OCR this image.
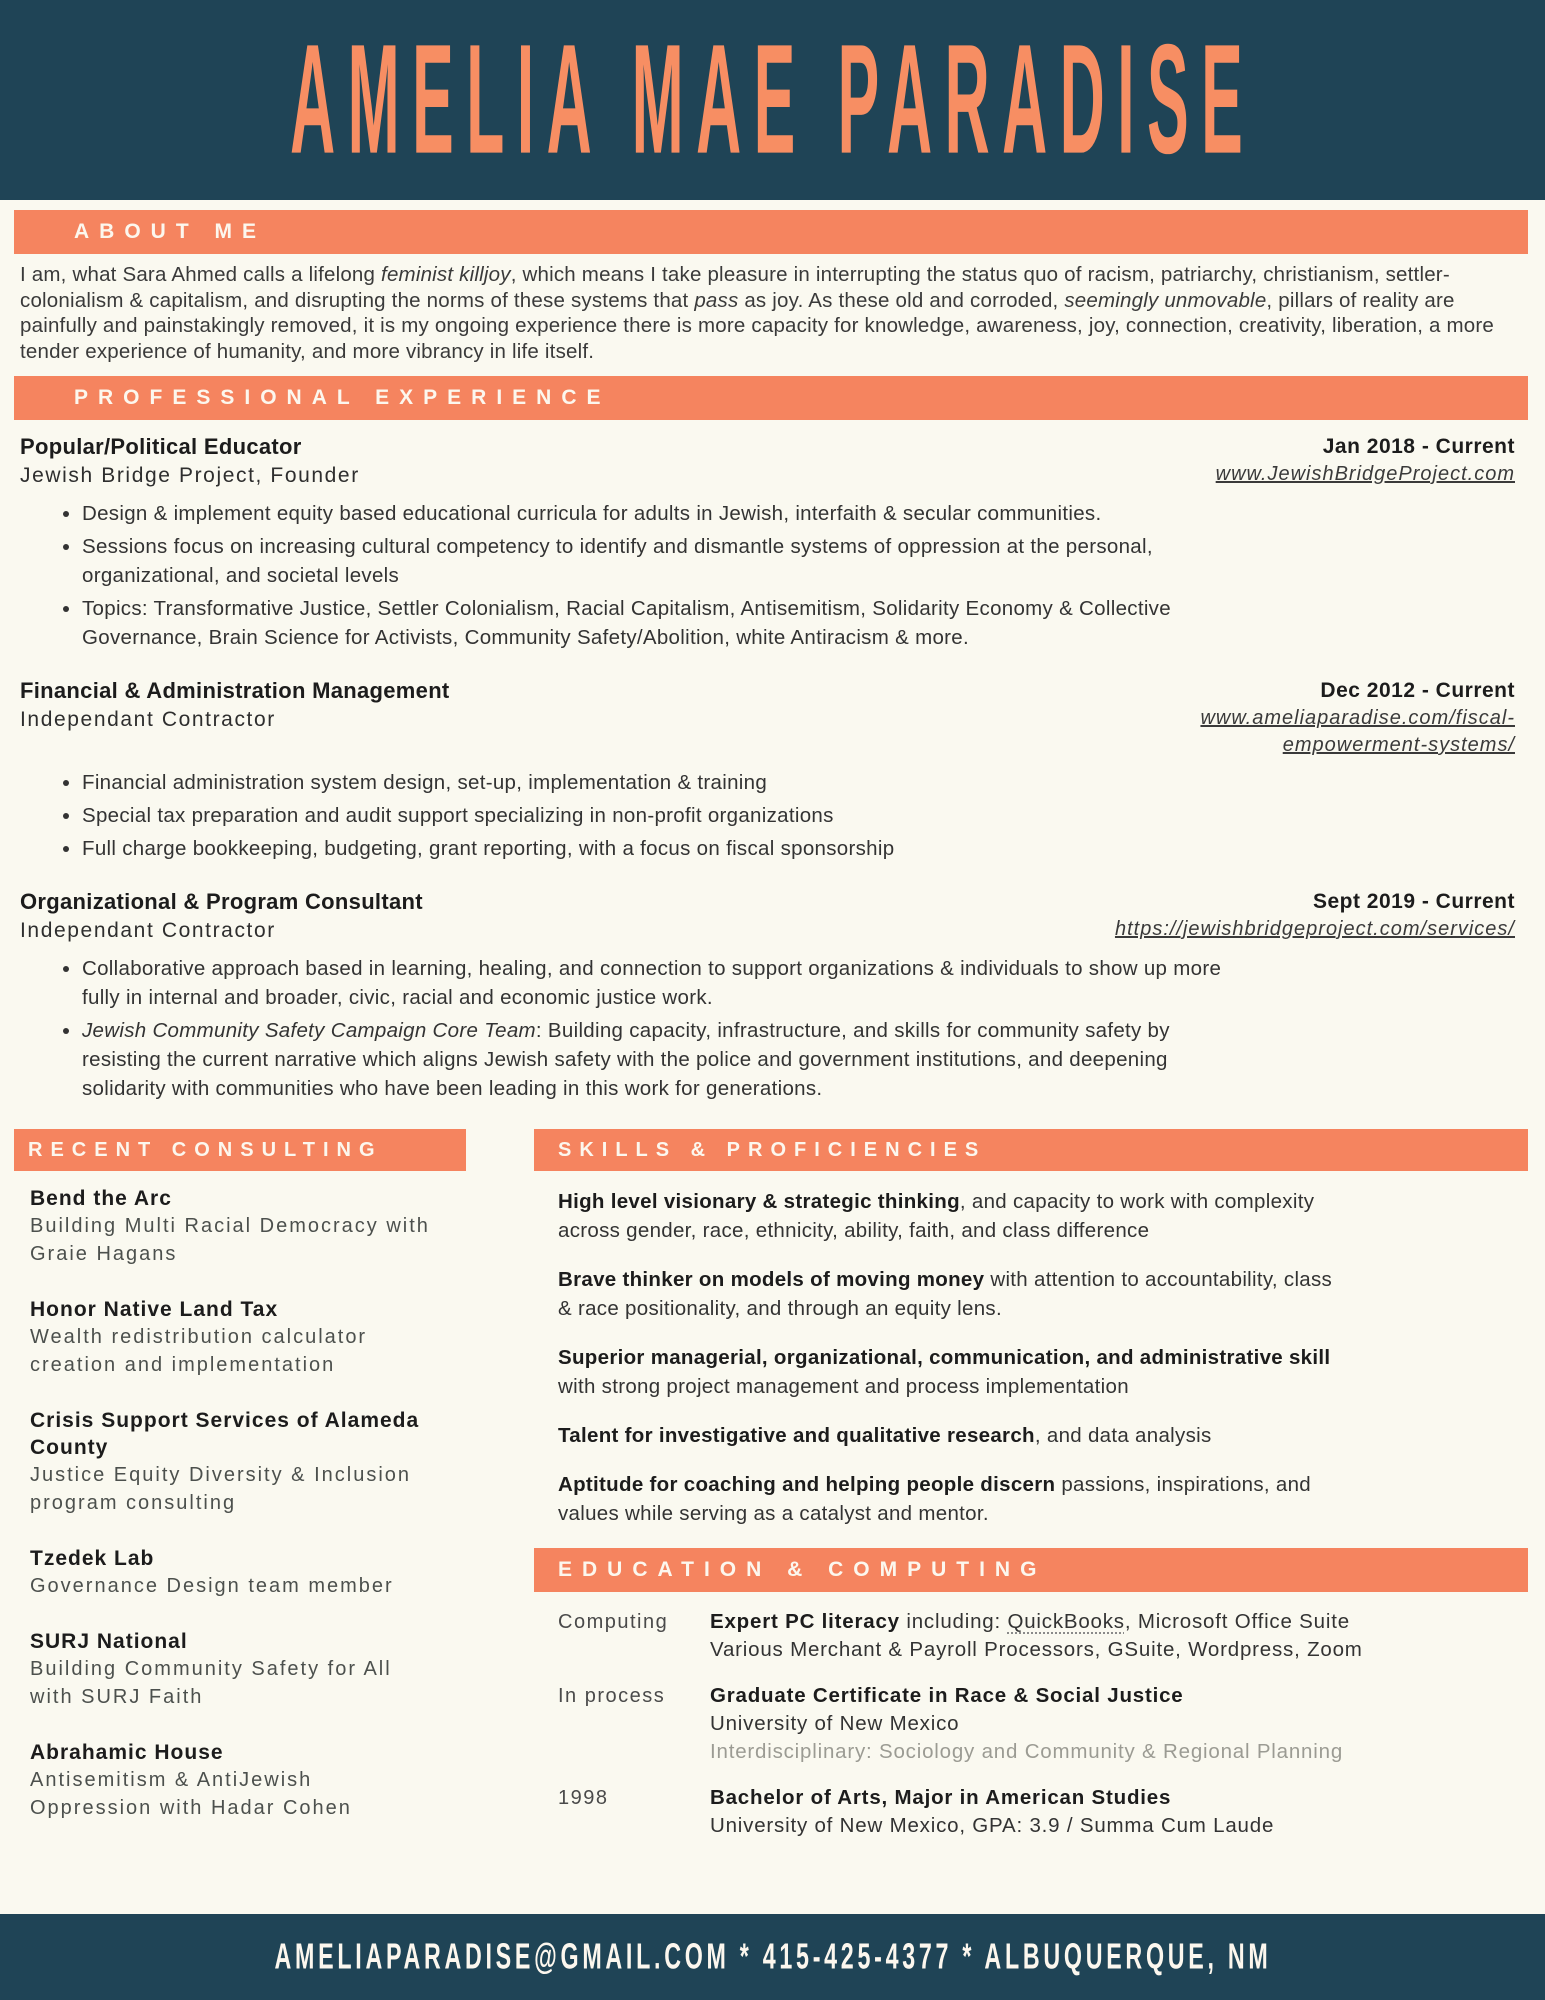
AMELIA MAE PARADISE
ABOUT ME
I am, what Sara Ahmed calls a lifelong feminist killjoy, which means I take pleasure in interrupting the status quo of racism, patriarchy, christianism, settler-colonialism & capitalism, and disrupting the norms of these systems that pass as joy. As these old and corroded, seemingly unmovable, pillars of reality are painfully and painstakingly removed, it is my ongoing experience there is more capacity for knowledge, awareness, joy, connection, creativity, liberation, a more tender experience of humanity, and more vibrancy in life itself.
PROFESSIONAL EXPERIENCE
Popular/Political Educator
Jewish Bridge Project, Founder
Jan 2018 - Current
www.JewishBridgeProject.com
• Design & implement equity based educational curricula for adults in Jewish, interfaith & secular communities.
• Sessions focus on increasing cultural competency to identify and dismantle systems of oppression at the personal, organizational, and societal levels
• Topics: Transformative Justice, Settler Colonialism, Racial Capitalism, Antisemitism, Solidarity Economy & Collective Governance, Brain Science for Activists, Community Safety/Abolition, white Antiracism & more.
Financial & Administration Management
Independant Contractor
Dec 2012 - Current
www.ameliaparadise.com/fiscal-
empowerment-systems/
• Financial administration system design, set-up, implementation & training
• Special tax preparation and audit support specializing in non-profit organizations
• Full charge bookkeeping, budgeting, grant reporting, with a focus on fiscal sponsorship
Organizational & Program Consultant
Independant Contractor
Sept 2019 - Current
https://jewishbridgeproject.com/services/
• Collaborative approach based in learning, healing, and connection to support organizations & individuals to show up more fully in internal and broader, civic, racial and economic justice work.
• Jewish Community Safety Campaign Core Team: Building capacity, infrastructure, and skills for community safety by resisting the current narrative which aligns Jewish safety with the police and government institutions, and deepening solidarity with communities who have been leading in this work for generations.
RECENT CONSULTING
Bend the Arc
Building Multi Racial Democracy with Graie Hagans
Honor Native Land Tax
Wealth redistribution calculator creation and implementation
Crisis Support Services of Alameda County
Justice Equity Diversity & Inclusion program consulting
Tzedek Lab
Governance Design team member
SURJ National
Building Community Safety for All with SURJ Faith
Abrahamic House
Antisemitism & AntiJewish Oppression with Hadar Cohen
SKILLS & PROFICIENCIES
High level visionary & strategic thinking, and capacity to work with complexity across gender, race, ethnicity, ability, faith, and class difference
Brave thinker on models of moving money with attention to accountability, class & race positionality, and through an equity lens.
Superior managerial, organizational, communication, and administrative skill with strong project management and process implementation
Talent for investigative and qualitative research, and data analysis
Aptitude for coaching and helping people discern passions, inspirations, and values while serving as a catalyst and mentor.
EDUCATION & COMPUTING
Computing	Expert PC literacy including: QuickBooks, Microsoft Office Suite
Various Merchant & Payroll Processors, GSuite, Wordpress, Zoom
In process	Graduate Certificate in Race & Social Justice
University of New Mexico
Interdisciplinary: Sociology and Community & Regional Planning
1998	Bachelor of Arts, Major in American Studies
University of New Mexico, GPA: 3.9 / Summa Cum Laude
AMELIAPARADISE@GMAIL.COM * 415-425-4377 * ALBUQUERQUE, NM
